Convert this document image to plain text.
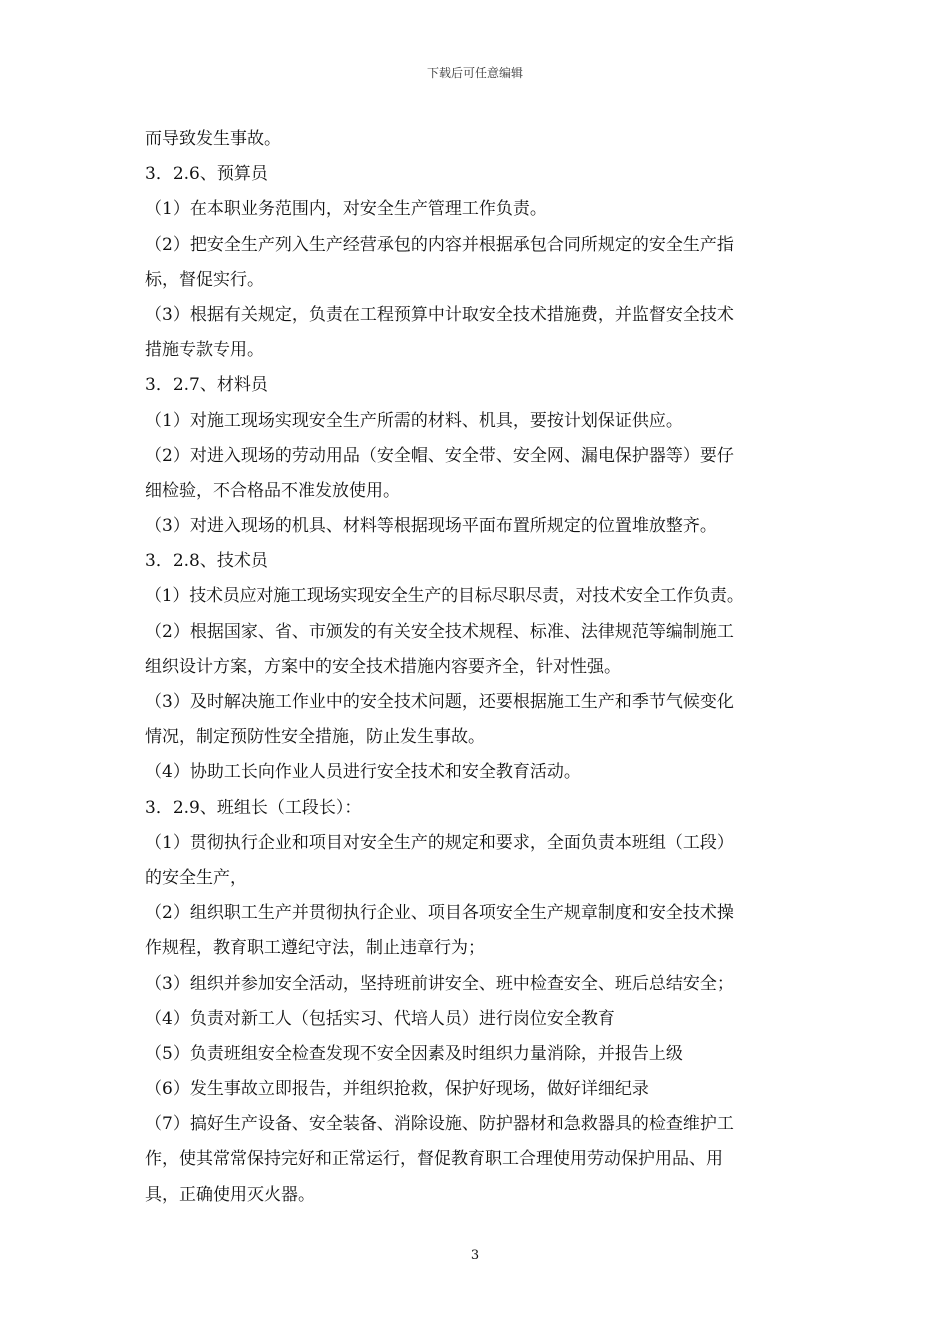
下载后可任意编辑
而导致发生事故。
3．2.6、预算员
（1）在本职业务范围内，对安全生产管理工作负责。
（2）把安全生产列入生产经营承包的内容并根据承包合同所规定的安全生产指
标，督促实行。
（3）根据有关规定，负责在工程预算中计取安全技术措施费，并监督安全技术
措施专款专用。
3．2.7、材料员
（1）对施工现场实现安全生产所需的材料、机具，要按计划保证供应。
（2）对进入现场的劳动用品（安全帽、安全带、安全网、漏电保护器等）要仔
细检验，不合格品不准发放使用。
（3）对进入现场的机具、材料等根据现场平面布置所规定的位置堆放整齐。
3．2.8、技术员
（1）技术员应对施工现场实现安全生产的目标尽职尽责，对技术安全工作负责。
（2）根据国家、省、市颁发的有关安全技术规程、标准、法律规范等编制施工
组织设计方案，方案中的安全技术措施内容要齐全，针对性强。
（3）及时解决施工作业中的安全技术问题，还要根据施工生产和季节气候变化
情况，制定预防性安全措施，防止发生事故。
（4）协助工长向作业人员进行安全技术和安全教育活动。
3．2.9、班组长（工段长）：
（1）贯彻执行企业和项目对安全生产的规定和要求，全面负责本班组（工段）
的安全生产，
（2）组织职工生产并贯彻执行企业、项目各项安全生产规章制度和安全技术操
作规程，教育职工遵纪守法，制止违章行为；
（3）组织并参加安全活动，坚持班前讲安全、班中检查安全、班后总结安全；
（4）负责对新工人（包括实习、代培人员）进行岗位安全教育
（5）负责班组安全检查发现不安全因素及时组织力量消除，并报告上级
（6）发生事故立即报告，并组织抢救，保护好现场，做好详细纪录
（7）搞好生产设备、安全装备、消除设施、防护器材和急救器具的检查维护工
作，使其常常保持完好和正常运行，督促教育职工合理使用劳动保护用品、用
具，正确使用灭火器。
3
